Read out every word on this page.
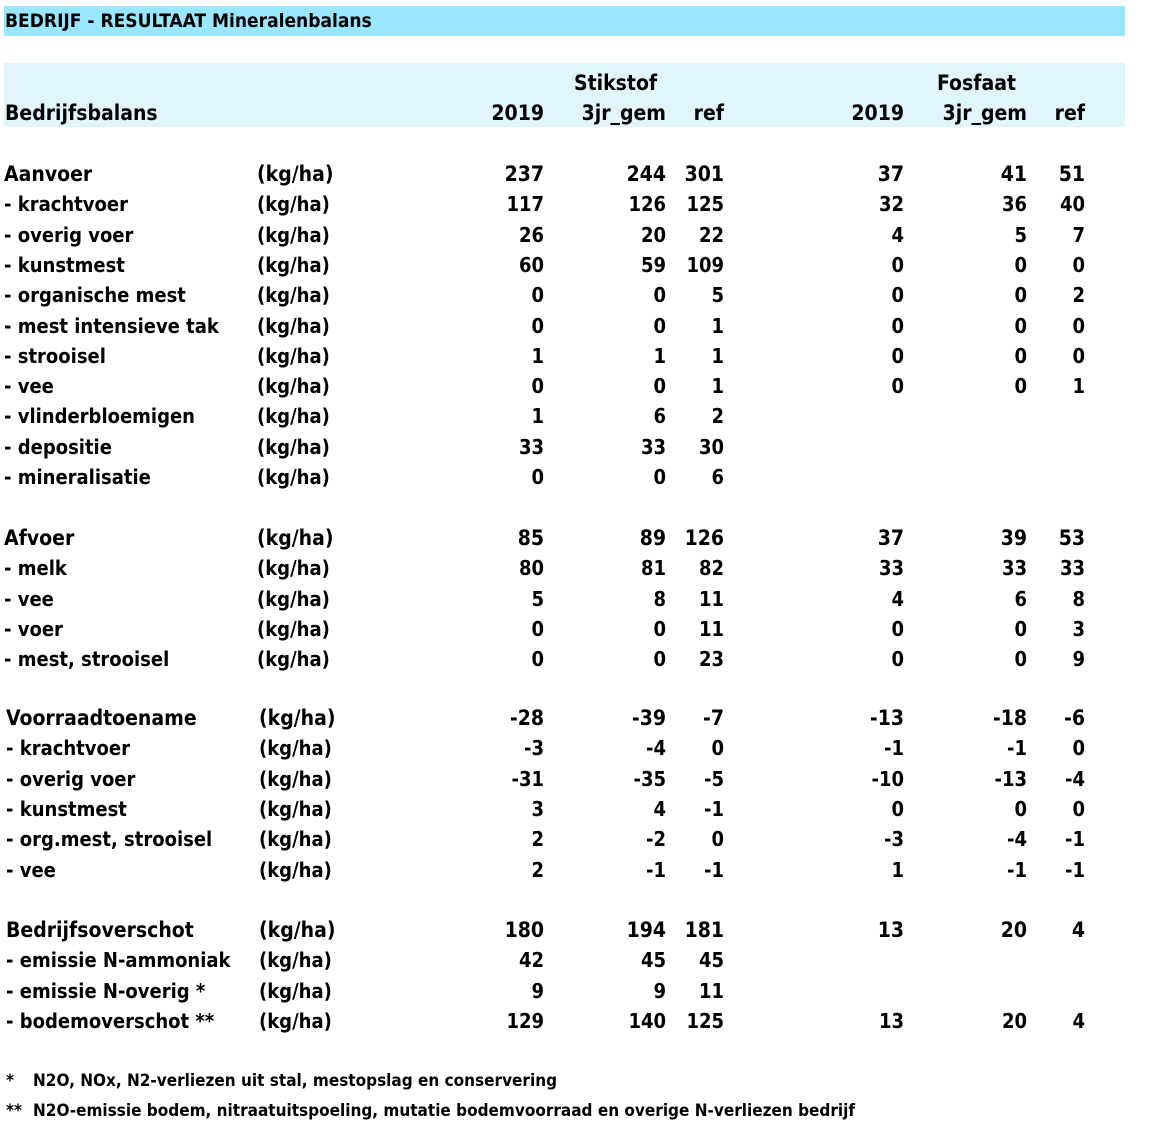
BEDRIJF - RESULTAAT Mineralenbalans
Stikstof	Fosfaat
Bedrijfsbalans	2019 3jr_gem ref	2019 3jr_gem ref
Aanvoer	(kg/ha)	237	244 301	37	41 51
- krachtvoer	(kg/ha)	117	126 125	32	36 40
- overig voer	(kg/ha)	26	20 22	4	5 7
- kunstmest	(kg/ha)	60	59 109	0	0 0
- organische mest	(kg/ha)	0	0 5	0	0 2
- mest intensieve tak (kg/ha)	0	0 1	0	0 0
- strooisel	(kg/ha)	1	1 1	0	0 0
- vee	(kg/ha)	0	0 1	0	0 1
- vlinderbloemigen	(kg/ha)	1	6 2
- depositie	(kg/ha)	33	33 30
- mineralisatie	(kg/ha)	0	0 6
Afvoer	(kg/ha)	85	89 126	37	39 53
- melk	(kg/ha)	80	81 82	33	33 33
- vee	(kg/ha)	5	8 11	4	6 8
- voer	(kg/ha)	0	0 11	0	0 3
- mest, strooisel	(kg/ha)	0	0 23	0	0 9
Voorraadtoename	(kg/ha)	-28	-39 -7	-13	-18 -6
- krachtvoer	(kg/ha)	-3	-4 0	-1	-1 0
- overig voer	(kg/ha)	-31	-35 -5	-10	-13 -4
- kunstmest	(kg/ha)	3	4 -1	0	0 0
- org.mest, strooisel (kg/ha)	2	-2 0	-3	-4 -1
- vee	(kg/ha)	2	-1 -1	1	-1 -1
Bedrijfsoverschot	(kg/ha)	180	194 181	13	20 4
- emissie N-ammoniak (kg/ha)	42	45 45
- emissie N-overig *	(kg/ha)	9	9 11
- bodemoverschot ** (kg/ha)	129	140 125	13	20 4
* N2O, NOx, N2-verliezen uit stal, mestopslag en conservering
** N2O-emissie bodem, nitraatuitspoeling, mutatie bodemvoorraad en overige N-verliezen bedrijf
